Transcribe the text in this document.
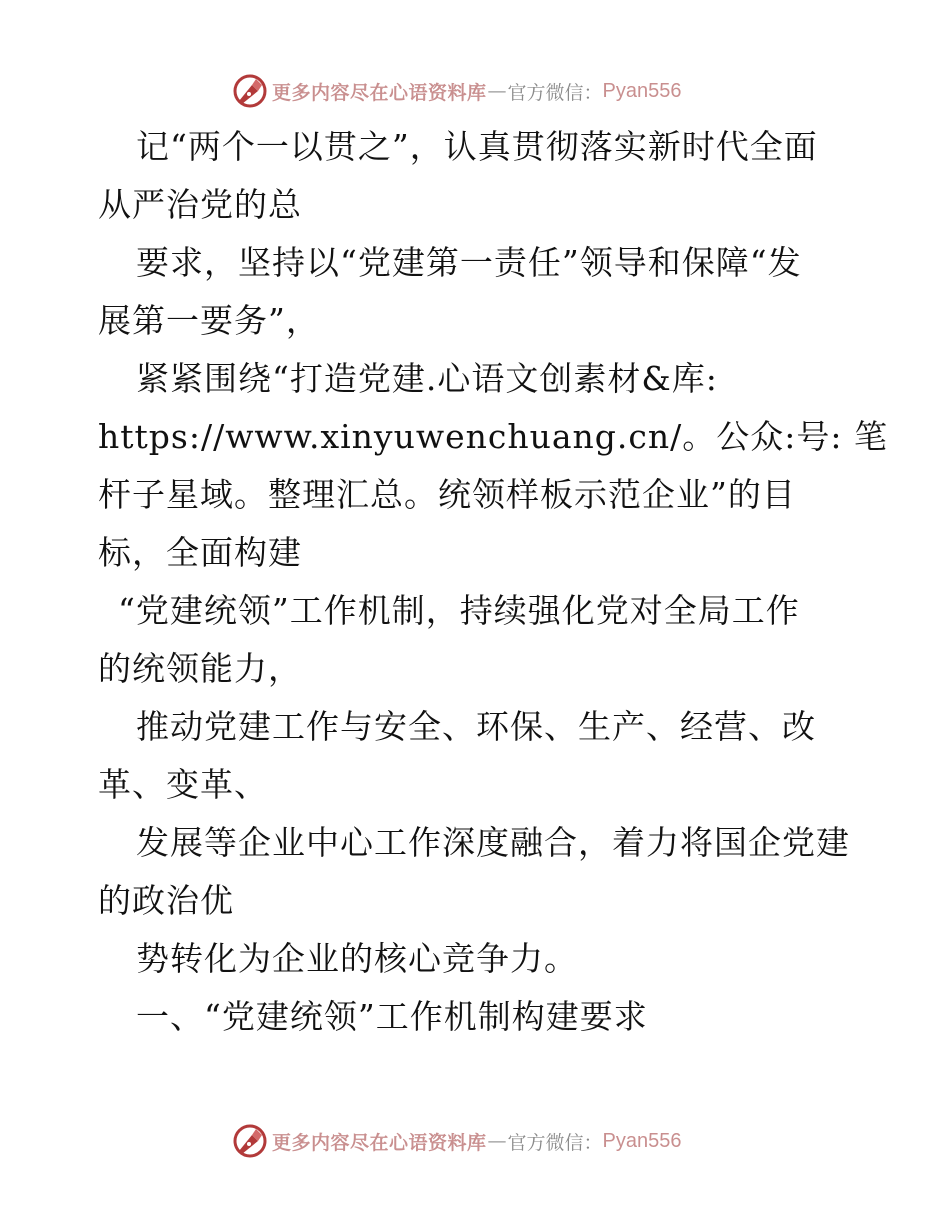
更多内容尽在心语资料库 — 官方微信： Pyan556
记“两个一以贯之”，认真贯彻落实新时代全面
从严治党的总
要求，坚持以“党建第一责任”领导和保障“发
展第一要务”，
紧紧围绕“打造党建.心语文创素材&库:
https://www.xinyuwenchuang.cn/。公众:号: 笔
杆子星域。整理汇总。统领样板示范企业”的目
标，全面构建
“党建统领”工作机制，持续强化党对全局工作
的统领能力，
推动党建工作与安全、环保、生产、经营、改
革、变革、
发展等企业中心工作深度融合，着力将国企党建
的政治优
势转化为企业的核心竞争力。
一、“党建统领”工作机制构建要求
更多内容尽在心语资料库 — 官方微信： Pyan556
